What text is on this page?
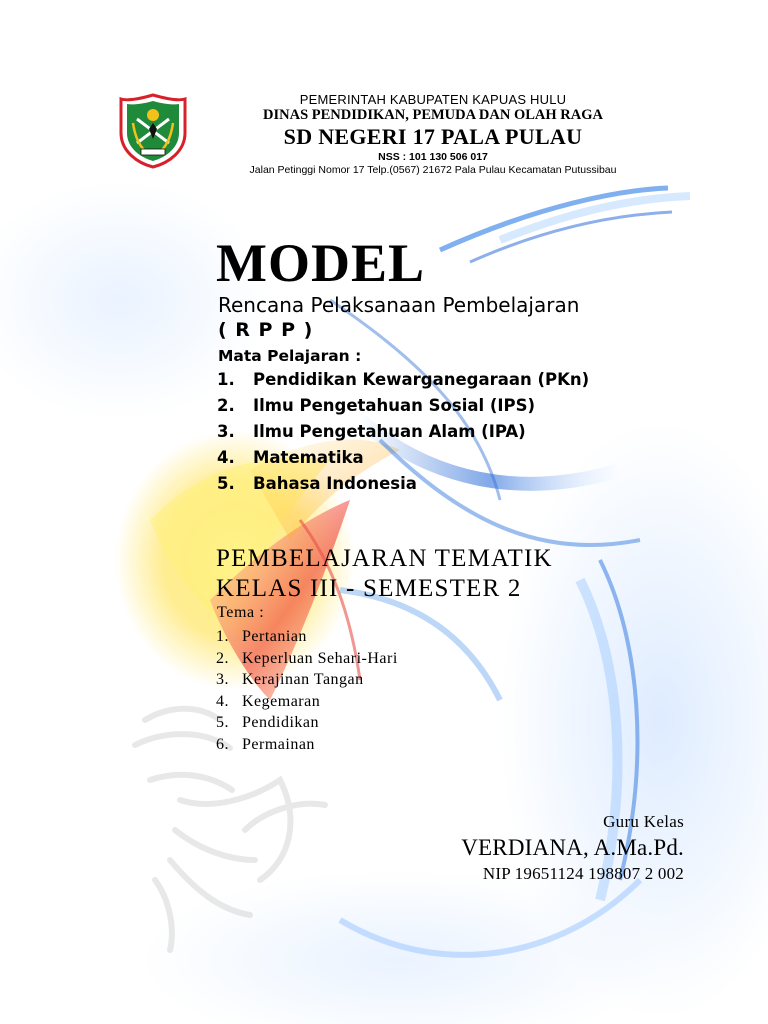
PEMERINTAH KABUPATEN KAPUAS HULU
DINAS PENDIDIKAN, PEMUDA DAN OLAH RAGA
SD NEGERI 17 PALA PULAU
NSS : 101 130 506 017
Jalan Petinggi Nomor 17 Telp.(0567) 21672 Pala Pulau Kecamatan Putussibau
MODEL
Rencana Pelaksanaan Pembelajaran
( R P P )
Mata Pelajaran :
1.	Pendidikan Kewarganegaraan (PKn)
2.	Ilmu Pengetahuan Sosial (IPS)
3.	Ilmu Pengetahuan Alam (IPA)
4.	Matematika
5.	Bahasa Indonesia
PEMBELAJARAN TEMATIK
KELAS III - SEMESTER 2
Tema :
1. Pertanian
2. Keperluan Sehari-Hari
3. Kerajinan Tangan
4. Kegemaran
5. Pendidikan
6. Permainan
Guru Kelas
VERDIANA, A.Ma.Pd.
NIP 19651124 198807 2 002
